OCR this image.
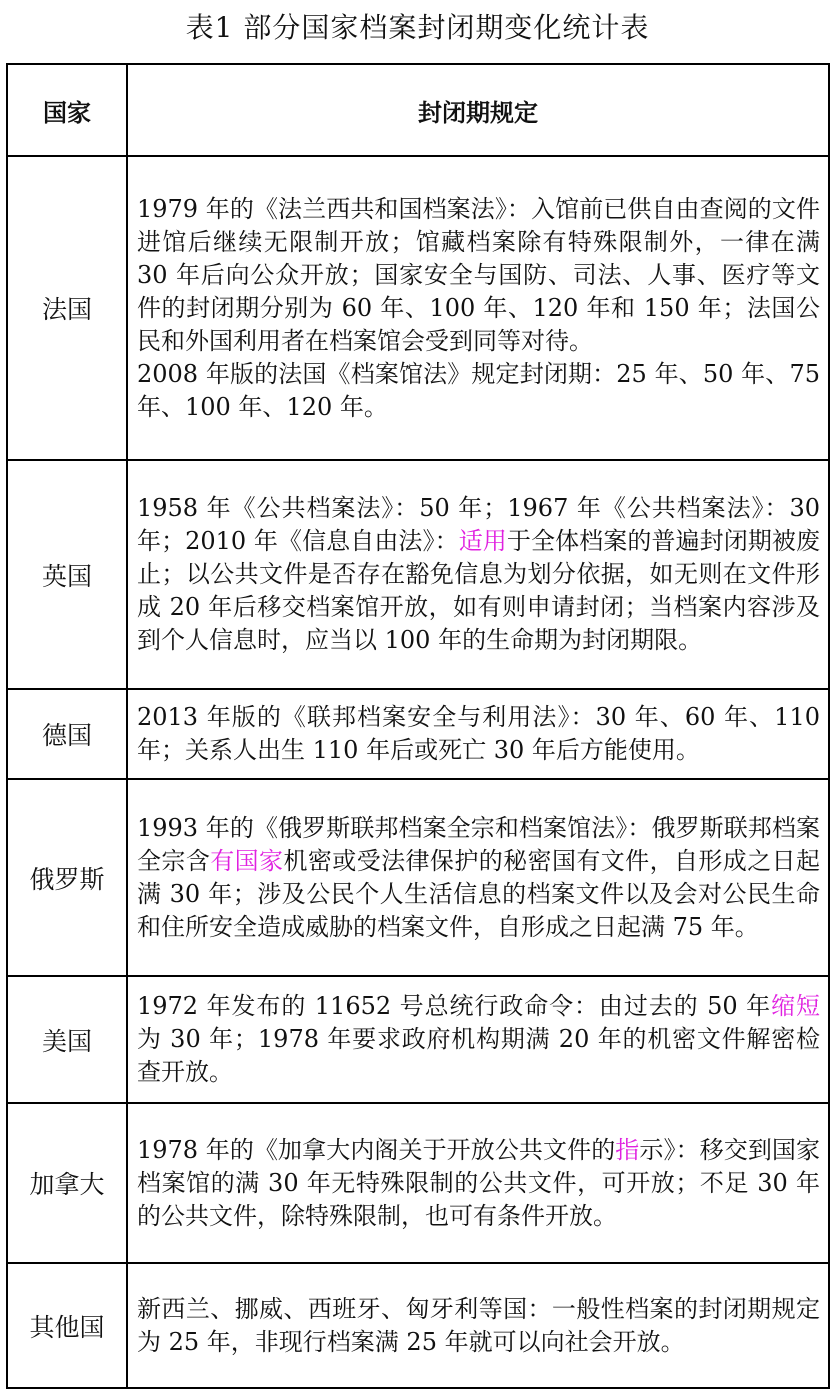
表1 部分国家档案封闭期变化统计表
国家	封闭期规定
法国	1979 年的《法兰西共和国档案法》：入馆前已供自由查阅的文件进馆后继续无限制开放；馆藏档案除有特殊限制外，一律在满 30 年后向公众开放；国家安全与国防、司法、人事、医疗等文件的封闭期分别为 60 年、100 年、120 年和 150 年；法国公民和外国利用者在档案馆会受到同等对待。

2008 年版的法国《档案馆法》规定封闭期：25 年、50 年、75 年、100 年、120 年。

英国	1958 年《公共档案法》：50 年；1967 年《公共档案法》：30 年；2010 年《信息自由法》：适用于全体档案的普遍封闭期被废止；以公共文件是否存在豁免信息为划分依据，如无则在文件形成 20 年后移交档案馆开放，如有则申请封闭；当档案内容涉及到个人信息时，应当以 100 年的生命期为封闭期限。
德国	2013 年版的《联邦档案安全与利用法》：30 年、60 年、110 年；关系人出生 110 年后或死亡 30 年后方能使用。
俄罗斯	1993 年的《俄罗斯联邦档案全宗和档案馆法》：俄罗斯联邦档案全宗含有国家机密或受法律保护的秘密国有文件，自形成之日起满 30 年；涉及公民个人生活信息的档案文件以及会对公民生命和住所安全造成威胁的档案文件，自形成之日起满 75 年。
美国	1972 年发布的 11652 号总统行政命令：由过去的 50 年缩短为 30 年；1978 年要求政府机构期满 20 年的机密文件解密检查开放。
加拿大	1978 年的《加拿大内阁关于开放公共文件的指示》：移交到国家档案馆的满 30 年无特殊限制的公共文件，可开放；不足 30 年的公共文件，除特殊限制，也可有条件开放。
其他国	新西兰、挪威、西班牙、匈牙利等国：一般性档案的封闭期规定为 25 年，非现行档案满 25 年就可以向社会开放。
